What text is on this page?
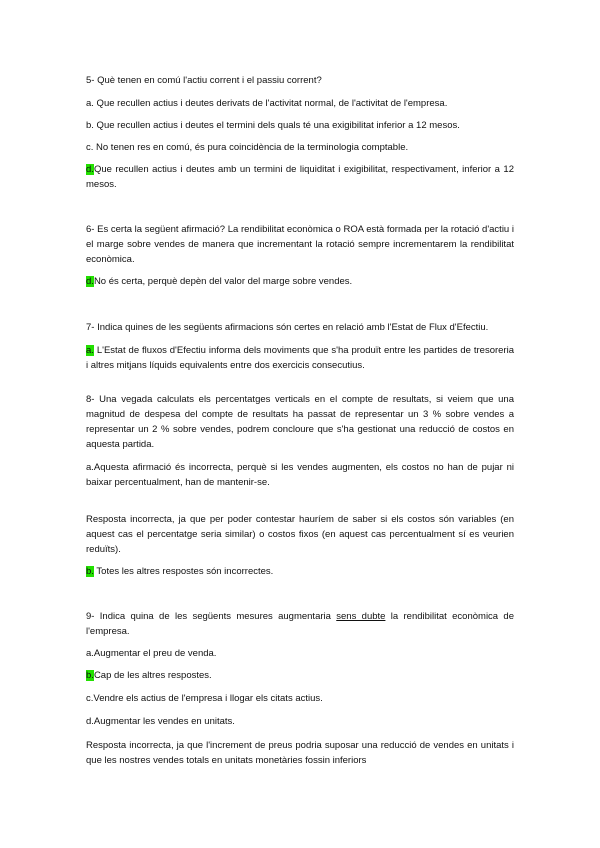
5- Què tenen en comú l'actiu corrent i el passiu corrent?

a. Que recullen actius i deutes derivats de l'activitat normal, de l'activitat de l'empresa.

b. Que recullen actius i deutes el termini dels quals té una exigibilitat inferior a 12 mesos.

c. No tenen res en comú, és pura coincidència de la terminologia comptable.

d.Que recullen actius i deutes amb un termini de liquiditat i exigibilitat, respectivament, inferior a 12 mesos.

6- Es certa la següent afirmació? La rendibilitat econòmica o ROA està formada per la rotació d'actiu i el marge sobre vendes de manera que incrementant la rotació sempre incrementarem la rendibilitat econòmica.

d.No és certa, perquè depèn del valor del marge sobre vendes.

7- Indica quines de les següents afirmacions són certes en relació amb l'Estat de Flux d'Efectiu.

a. L'Estat de fluxos d'Efectiu informa dels moviments que s'ha produït entre les partides de tresoreria i altres mitjans líquids equivalents entre dos exercicis consecutius.

8- Una vegada calculats els percentatges verticals en el compte de resultats, si veiem que una magnitud de despesa del compte de resultats ha passat de representar un 3 % sobre vendes a representar un 2 % sobre vendes, podrem concloure que s'ha gestionat una reducció de costos en aquesta partida.

a.Aquesta afirmació és incorrecta, perquè si les vendes augmenten, els costos no han de pujar ni baixar percentualment, han de mantenir-se.

Resposta incorrecta, ja que per poder contestar hauríem de saber si els costos són variables (en aquest cas el percentatge seria similar) o costos fixos (en aquest cas percentualment sí es veurien reduïts).

b. Totes les altres respostes són incorrectes.

9- Indica quina de les següents mesures augmentaria sens dubte la rendibilitat econòmica de l'empresa.

a.Augmentar el preu de venda.

b.Cap de les altres respostes.

c.Vendre els actius de l'empresa i llogar els citats actius.

d.Augmentar les vendes en unitats.

Resposta incorrecta, ja que l'increment de preus podria suposar una reducció de vendes en unitats i que les nostres vendes totals en unitats monetàries fossin inferiors
